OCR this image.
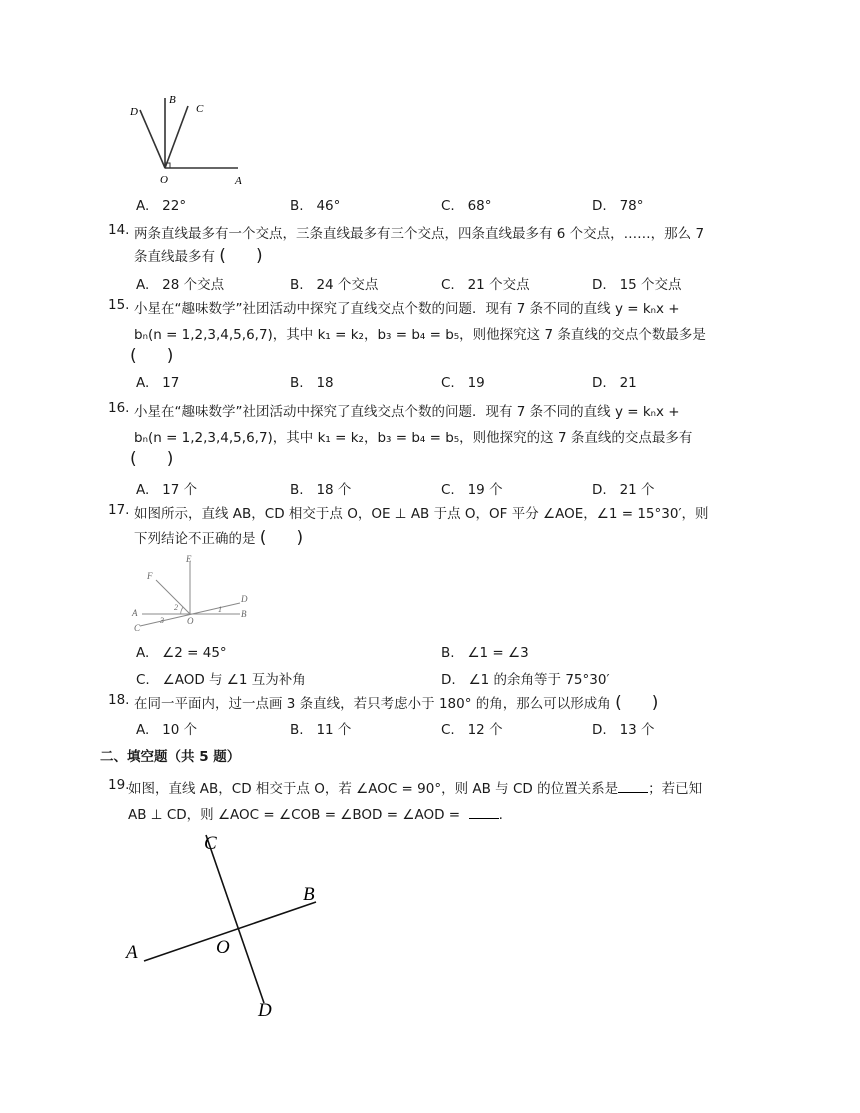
D
B
C
O	A
A. 22°	B. 46°	C. 68°	D. 78°
14. 两条直线最多有一个交点，三条直线最多有三个交点，四条直线最多有 6 个交点，……，那么 7
条直线最多有 ( )
A. 28 个交点	B. 24 个交点	C. 21 个交点	D. 15 个交点
15. 小星在“趣味数学”社团活动中探究了直线交点个数的问题．现有 7 条不同的直线 y = kₙx +
bₙ(n = 1,2,3,4,5,6,7)，其中 k₁ = k₂，b₃ = b₄ = b₅，则他探究这 7 条直线的交点个数最多是
( )
A. 17	B. 18	C. 19	D. 21
16. 小星在“趣味数学”社团活动中探究了直线交点个数的问题．现有 7 条不同的直线 y = kₙx +
bₙ(n = 1,2,3,4,5,6,7)，其中 k₁ = k₂，b₃ = b₄ = b₅，则他探究的这 7 条直线的交点最多有
( )
A. 17 个	B. 18 个	C. 19 个	D. 21 个
17. 如图所示，直线 AB，CD 相交于点 O，OE ⊥ AB 于点 O，OF 平分 ∠AOE，∠1 = 15°30′，则
下列结论不正确的是 ( )
F
E
D
A	B
C
O
1
2
3
A. ∠2 = 45°	B. ∠1 = ∠3
C. ∠AOD 与 ∠1 互为补角	D. ∠1 的余角等于 75°30′
18. 在同一平面内，过一点画 3 条直线，若只考虑小于 180° 的角，那么可以形成角 ( )
A. 10 个	B. 11 个	C. 12 个	D. 13 个
二、填空题（共 5 题）
19.
如图，直线 AB，CD 相交于点 O，若 ∠AOC = 90°，则 AB 与 CD 的位置关系是 ；若已知
AB ⊥ CD，则 ∠AOC = ∠COB = ∠BOD = ∠AOD =	.
C
B
A	O
D
